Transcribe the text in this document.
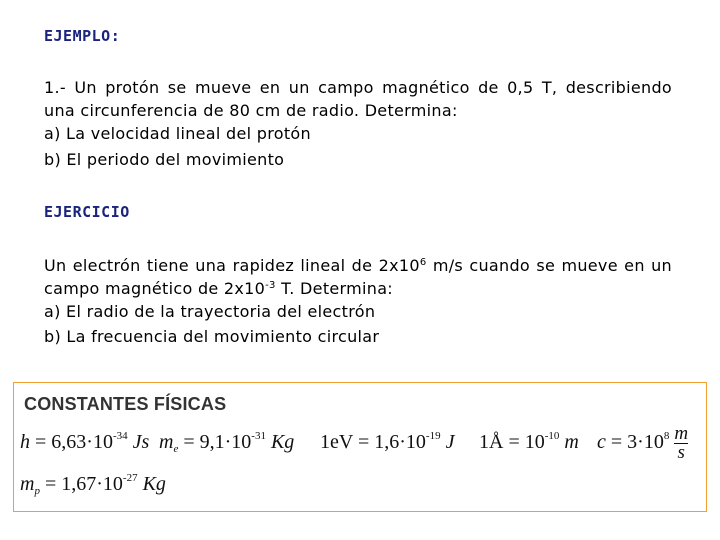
EJEMPLO:

1.- Un protón se mueve en un campo magnético de 0,5 T, describiendo una circunferencia de 80 cm de radio. Determina:

a) La velocidad lineal del protón
b) El periodo del movimiento
EJERCICIO

Un electrón tiene una rapidez lineal de $2x10^6$ m/s cuando se mueve en un campo magnético de $2x10^{-3}$ T. Determina:

a) El radio de la trayectoria del electrón
b) La frecuencia del movimiento circular
CONSTANTES FÍSICAS
$h = 6,63\cdot 10^{-34}$ Js $m_e = 9,1\cdot 10^{-31}$ Kg $1eV = 1,6\cdot 10^{-19}$ J 1Å = $10^{-10}$ m $c = 3\cdot 10^8 \frac{m}{s}$
$m_p = 1,67\cdot 10^{-27}$ Kg
